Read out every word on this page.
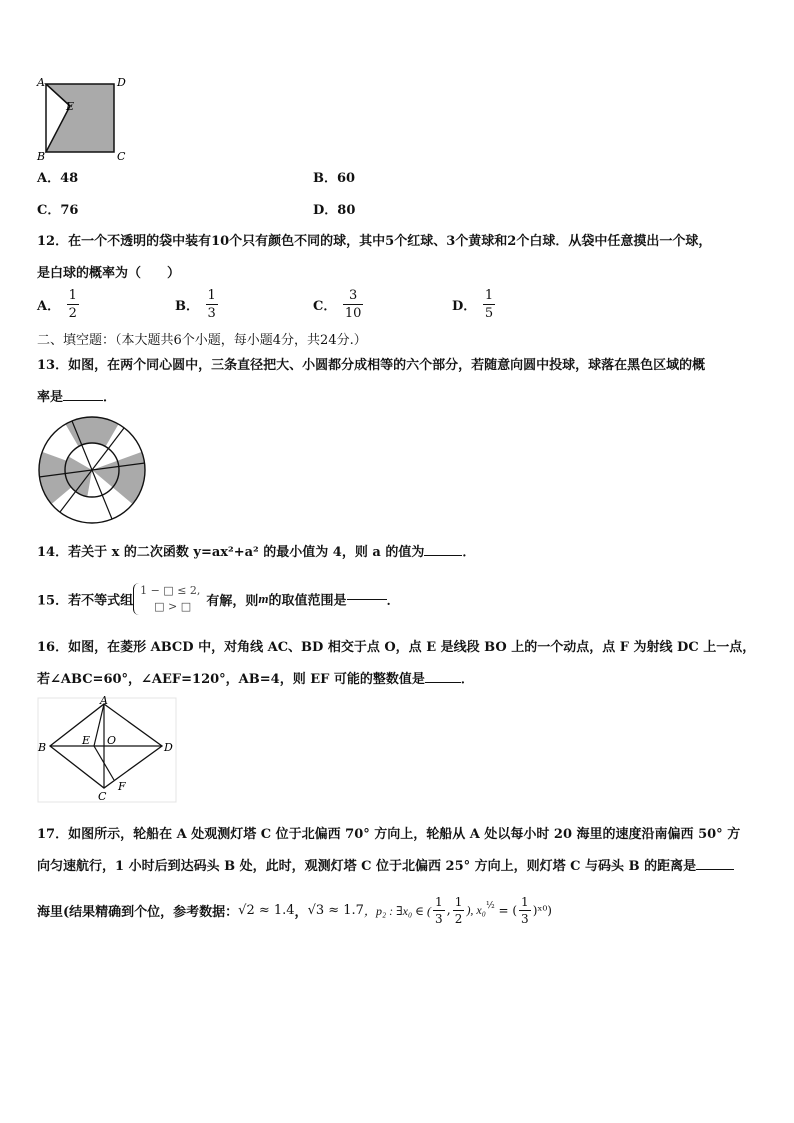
A	D
E
B	C
A．48	B．60
C．76	D．80
12．在一个不透明的袋中装有10个只有颜色不同的球，其中5个红球、3个黄球和2个白球．从袋中任意摸出一个球，
是白球的概率为（　　）
A． $\frac{1}{2}$	B． $\frac{1}{3}$	C． $\frac{3}{10}$	D． $\frac{1}{5}$
二、填空题：（本大题共6个小题，每小题4分，共24分.）
13．如图，在两个同心圆中，三条直径把大、小圆都分成相等的六个部分，若随意向圆中投球，球落在黑色区域的概
率是	．
14．若关于 x 的二次函数 y=ax²+a² 的最小值为 4，则 a 的值为	．
15．若不等式组
1 − □ ≤ 2,
□ > □	有解，则m的取值范围是	．
16．如图，在菱形 ABCD 中，对角线 AC、BD 相交于点 O，点 E 是线段 BO 上的一个动点，点 F 为射线 DC 上一点，
若∠ABC=60°，∠AEF=120°，AB=4，则 EF 可能的整数值是	．
A
B
E O
D
C
F
17．如图所示，轮船在 A 处观测灯塔 C 位于北偏西 70° 方向上，轮船从 A 处以每小时 20 海里的速度沿南偏西 50° 方
向匀速航行，1 小时后到达码头 B 处，此时，观测灯塔 C 位于北偏西 25° 方向上，则灯塔 C 与码头 B 的距离是
海里(结果精确到个位，参考数据：√2 ≈ 1.4，√3 ≈ 1.7，p₂ : ∃x₀ ∈ ( $\frac{1}{3}$ , $\frac{1}{2}$ ), x₀$^{\frac{1}{2}}$ = ( $\frac{1}{3}$ )ˣ⁰)
